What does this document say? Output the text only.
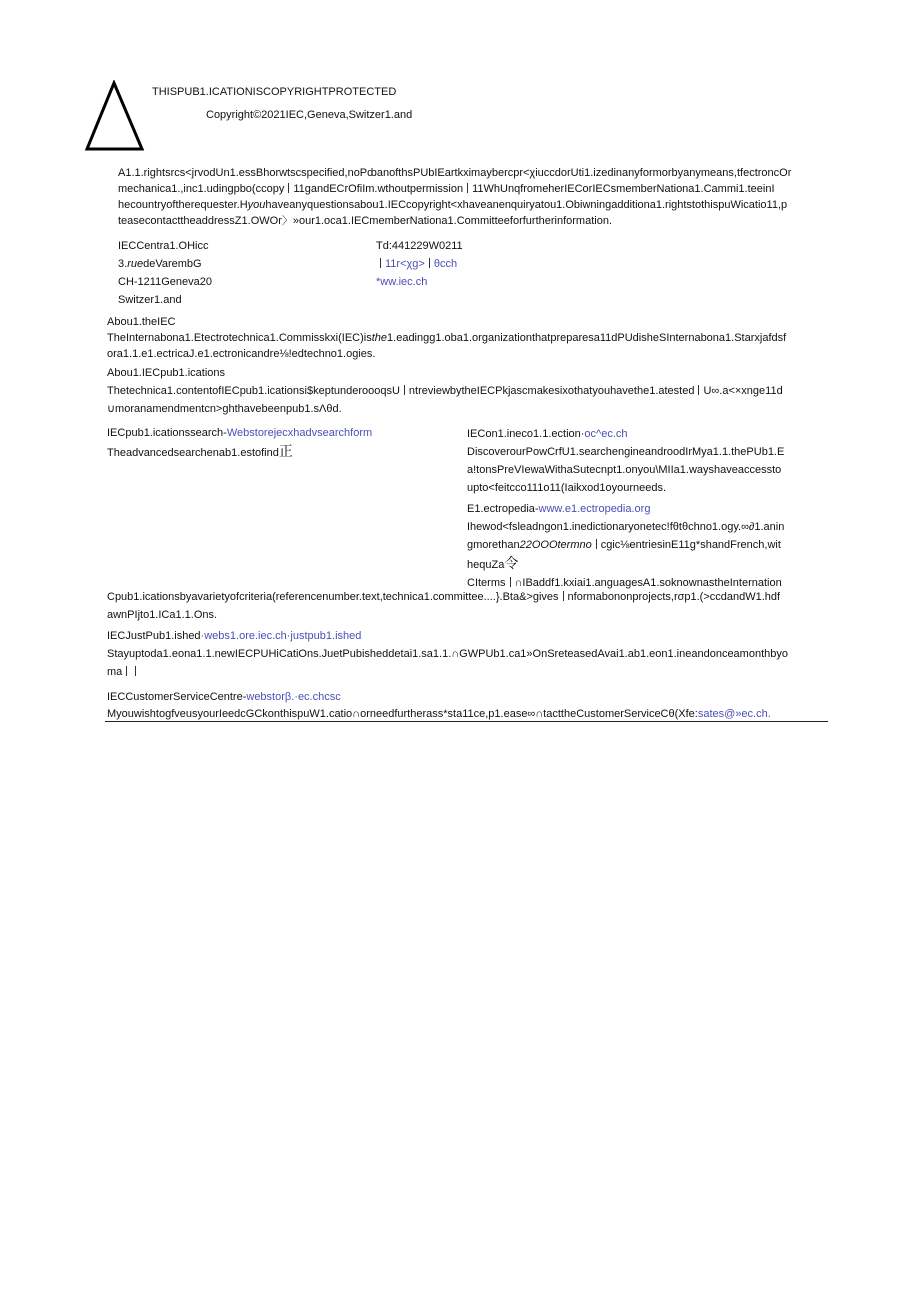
THISPUB1.ICATIONISCOPYRIGHTPROTECTED
Copyright©2021IEC,Geneva,Switzer1.and
A1.1.rightsrcs<jrvodUn1.essBhorwtscspecified,noPȸanofthsPUbIEartkximaybercpr<χiuccdorUti1.izedinanyformorbyanymeans,tfectroncOr
mechanica1.,inc1.udingpbo(ccopy 11gandECrOfiIm.wthoutpermission 11WhUnqfromeherIECorIECsmemberNationa1.Cammi1.teeinI
hecountryoftherequester.Hyouhaveanyquestionsabou1.IECcopyright<xhaveanenquiryatou1.Obiwningadditiona1.rightstothispuWicatio11,p
teasecontacttheaddressZ1.OWOr〉»our1.oca1.IECmemberNationa1.Committeeforfurtherinformation.
IECCentra1.OHicc
3.ruedeVarembG
CH-1211Geneva20
Switzer1.and
Td:441229W0211
11r<χg> θcch
*ww.iec.ch
Abou1.theIEC
TheInternabona1.Etectrotechnica1.Commisskxi(IEC)isthe1.eadingg1.oba1.organizationthatpreparesa11dPUdisheSInternabona1.Starxjafdsf
ora1.1.e1.ectricaJ.e1.ectronicandre⅛!edtechno1.ogies.
Abou1.IECpub1.ications
Thetechnica1.contentofIECpub1.icationsi$keptunderoooqsU ntreviewbytheIECPkjascmakesixothatyouhavethe1.atested U∞.a<×xnge11d
∪moranamendmentcn>ghthavebeenpub1.sΛθd.
IECpub1.icationssearch-Webstorejecxhadvsearchform
Theadvancedsearchenab1.estofind正
IECon1.ineco1.1.ection·oc^ec.ch
DiscoverourPowCrfU1.searchengineandroodIrMya1.1.thePUb1.E
a!tonsPreVIewaWithaSutecnpt1.onyou\MIIa1.wayshaveaccessto
upto<feitcco111o11(Iaikxod1oyourneeds.
E1.ectropedia-www.e1.ectropedia.org
Ihewod<fsleadngon1.inedictionaryonetec!fθtθchno1.ogy.∞∂1.anin
gmorethan22OOOtermno cgic⅛entriesinE11g*shandFrench,wit
hequZa令
CIterms ∩IBaddf1.kxiai1.anguagesA1.soknownastheInternation
Cpub1.icationsbyavarietyofcriteria(referencenumber.text,technica1.committee....}.Bta&>gives nformabononprojects,rσp1.(>ccdandW1.hdf
awnPIjto1.ICa1.1.Ons.
IECJustPub1.ished·webs1.ore.iec.ch·justpub1.ished
Stayuptoda1.eona1.1.newIECPUHiCatiOns.JuetPubisheddetai1.sa1.1.∩GWPUb1.ca1»OnSreteasedAvai1.ab1.eon1.ineandonceamonthbyo
ma
IECCustomerServiceCentre-webstorβ.·ec.chcsc
MyouwishtogfveusyourIeedcGCkonthispuW1.catio∩orneedfurtherass*sta11ce,p1.ease∞∩tacttheCustomerServiceCθ(Xfe:sates@»ec.ch.
